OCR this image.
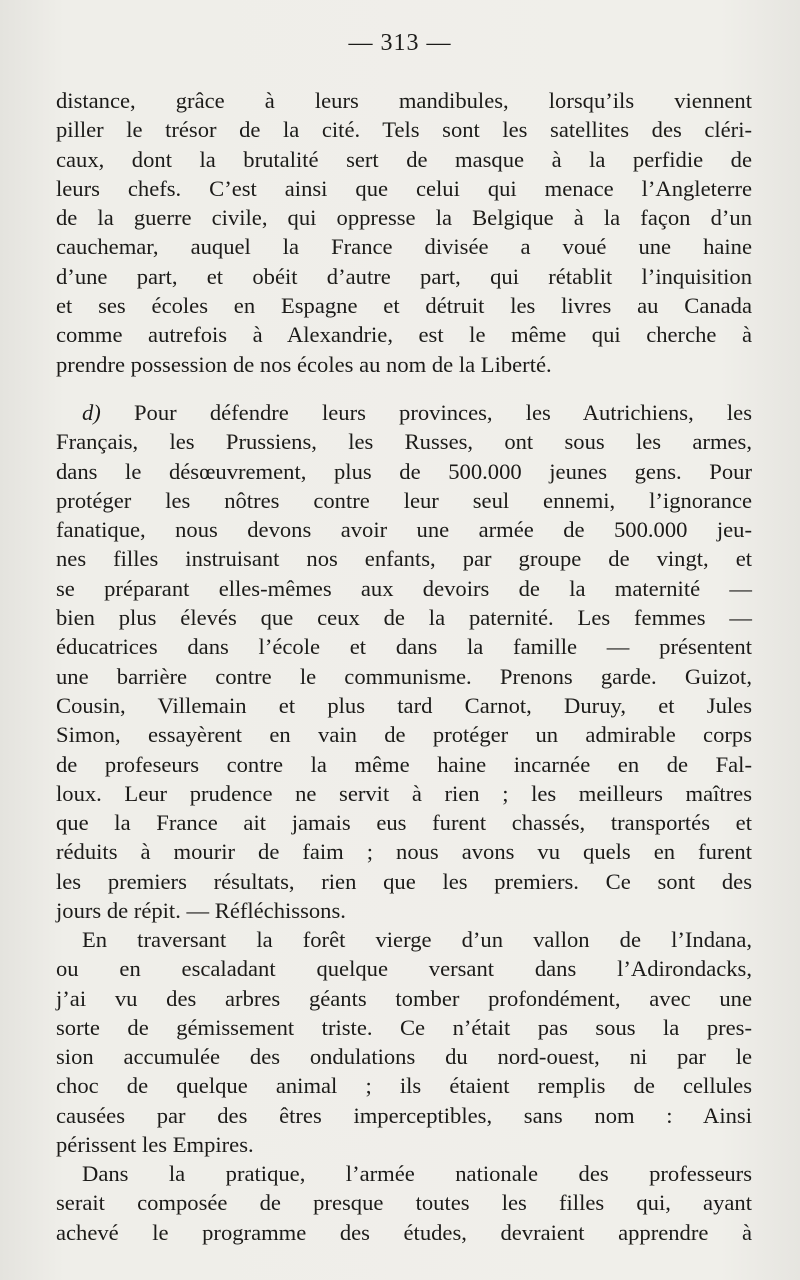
— 313 —
distance, grâce à leurs mandibules, lorsqu’ils viennent
piller le trésor de la cité. Tels sont les satellites des cléri-
caux, dont la brutalité sert de masque à la perfidie de
leurs chefs. C’est ainsi que celui qui menace l’Angleterre
de la guerre civile, qui oppresse la Belgique à la façon d’un
cauchemar, auquel la France divisée a voué une haine
d’une part, et obéit d’autre part, qui rétablit l’inquisition
et ses écoles en Espagne et détruit les livres au Canada
comme autrefois à Alexandrie, est le même qui cherche à
prendre possession de nos écoles au nom de la Liberté.
d) Pour défendre leurs provinces, les Autrichiens, les
Français, les Prussiens, les Russes, ont sous les armes,
dans le désœuvrement, plus de 500.000 jeunes gens. Pour
protéger les nôtres contre leur seul ennemi, l’ignorance
fanatique, nous devons avoir une armée de 500.000 jeu-
nes filles instruisant nos enfants, par groupe de vingt, et
se préparant elles-mêmes aux devoirs de la maternité —
bien plus élevés que ceux de la paternité. Les femmes —
éducatrices dans l’école et dans la famille — présentent
une barrière contre le communisme. Prenons garde. Guizot,
Cousin, Villemain et plus tard Carnot, Duruy, et Jules
Simon, essayèrent en vain de protéger un admirable corps
de profeseurs contre la même haine incarnée en de Fal-
loux. Leur prudence ne servit à rien ; les meilleurs maîtres
que la France ait jamais eus furent chassés, transportés et
réduits à mourir de faim ; nous avons vu quels en furent
les premiers résultats, rien que les premiers. Ce sont des
jours de répit. — Réfléchissons.
En traversant la forêt vierge d’un vallon de l’Indana,
ou en escaladant quelque versant dans l’Adirondacks,
j’ai vu des arbres géants tomber profondément, avec une
sorte de gémissement triste. Ce n’était pas sous la pres-
sion accumulée des ondulations du nord-ouest, ni par le
choc de quelque animal ; ils étaient remplis de cellules
causées par des êtres imperceptibles, sans nom : Ainsi
périssent les Empires.
Dans la pratique, l’armée nationale des professeurs
serait composée de presque toutes les filles qui, ayant
achevé le programme des études, devraient apprendre à
